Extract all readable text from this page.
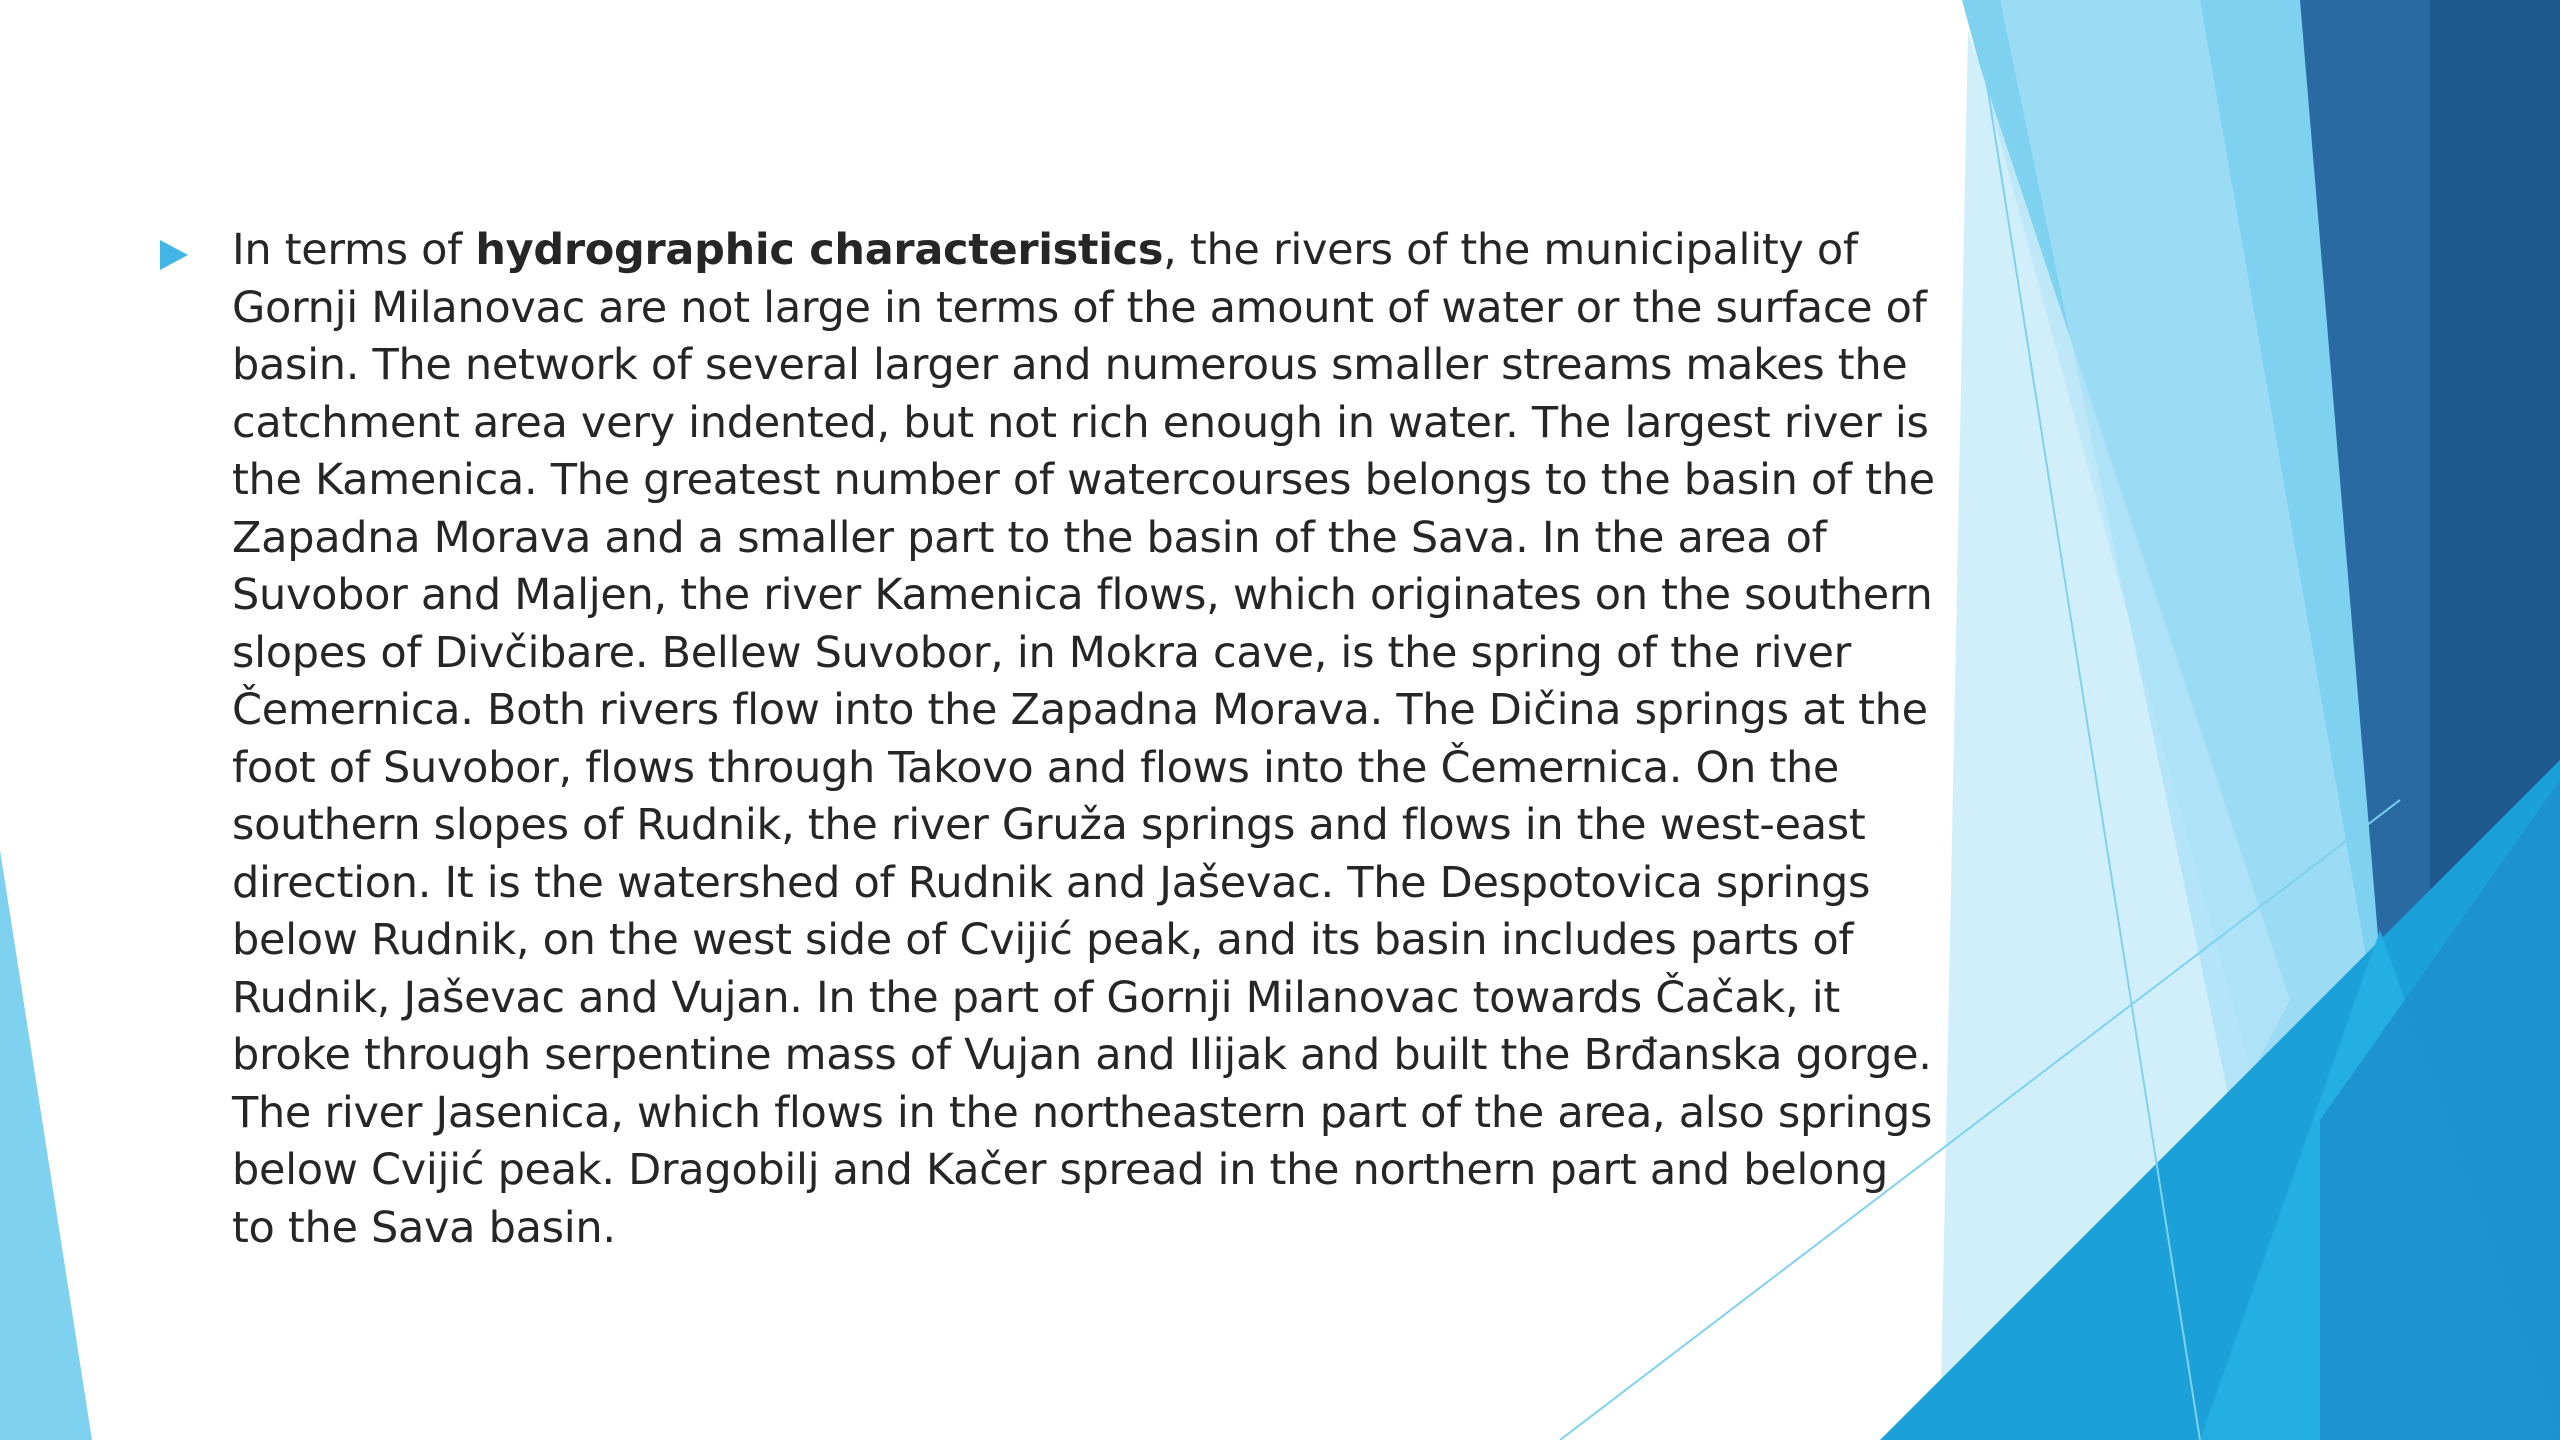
In terms of hydrographic characteristics, the rivers of the municipality of Gornji Milanovac are not large in terms of the amount of water or the surface of basin. The network of several larger and numerous smaller streams makes the catchment area very indented, but not rich enough in water. The largest river is the Kamenica. The greatest number of watercourses belongs to the basin of the Zapadna Morava and a smaller part to the basin of the Sava. In the area of Suvobor and Maljen, the river Kamenica flows, which originates on the southern slopes of Divčibare. Bellew Suvobor, in Mokra cave, is the spring of the river Čemernica. Both rivers flow into the Zapadna Morava. The Dičina springs at the foot of Suvobor, flows through Takovo and flows into the Čemernica. On the southern slopes of Rudnik, the river Gruža springs and flows in the west-east direction. It is the watershed of Rudnik and Jaševac. The Despotovica springs below Rudnik, on the west side of Cvijić peak, and its basin includes parts of Rudnik, Jaševac and Vujan. In the part of Gornji Milanovac towards Čačak, it broke through serpentine mass of Vujan and Ilijak and built the Brđanska gorge. The river Jasenica, which flows in the northeastern part of the area, also springs below Cvijić peak. Dragobilj and Kačer spread in the northern part and belong to the Sava basin.
